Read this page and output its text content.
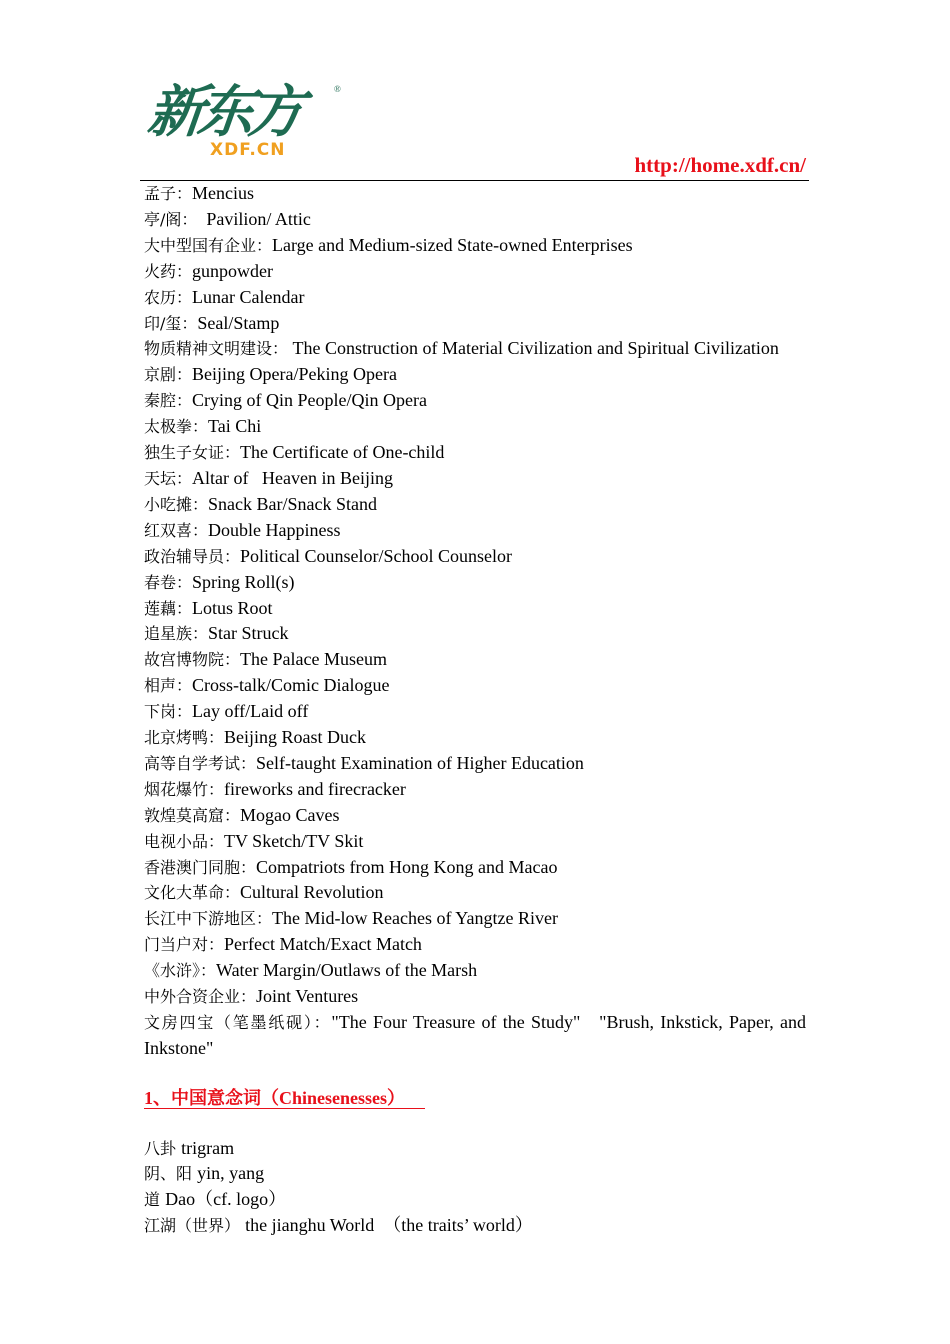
新东方
XDF.CN
®
http://home.xdf.cn/

孟子：Mencius

亭/阁：  Pavilion/ Attic

大中型国有企业：Large and Medium-sized State-owned Enterprises

火药：gunpowder

农历：Lunar Calendar

印/玺：Seal/Stamp

物质精神文明建设： The Construction of Material Civilization and Spiritual Civilization

京剧：Beijing Opera/Peking Opera

秦腔：Crying of Qin People/Qin Opera

太极拳：Tai Chi

独生子女证：The Certificate of One-child

天坛：Altar of   Heaven in Beijing

小吃摊：Snack Bar/Snack Stand

红双喜：Double Happiness

政治辅导员：Political Counselor/School Counselor

春卷：Spring Roll(s)

莲藕：Lotus Root

追星族：Star Struck

故宫博物院：The Palace Museum

相声：Cross-talk/Comic Dialogue

下岗：Lay off/Laid off

北京烤鸭：Beijing Roast Duck

高等自学考试：Self-taught Examination of Higher Education

烟花爆竹：fireworks and firecracker

敦煌莫高窟：Mogao Caves

电视小品：TV Sketch/TV Skit

香港澳门同胞：Compatriots from Hong Kong and Macao

文化大革命：Cultural Revolution

长江中下游地区：The Mid-low Reaches of Yangtze River

门当户对：Perfect Match/Exact Match

《水浒》：Water Margin/Outlaws of the Marsh

中外合资企业：Joint Ventures

文房四宝（笔墨纸砚）："The Four Treasure of the Study"   "Brush, Inkstick, Paper, and Inkstone"

1、中国意念词（Chinesenesses）

八卦 trigram

阴、阳 yin, yang

道 Dao（cf. logo）

江湖（世界） the jianghu World  （the traits’ world）
